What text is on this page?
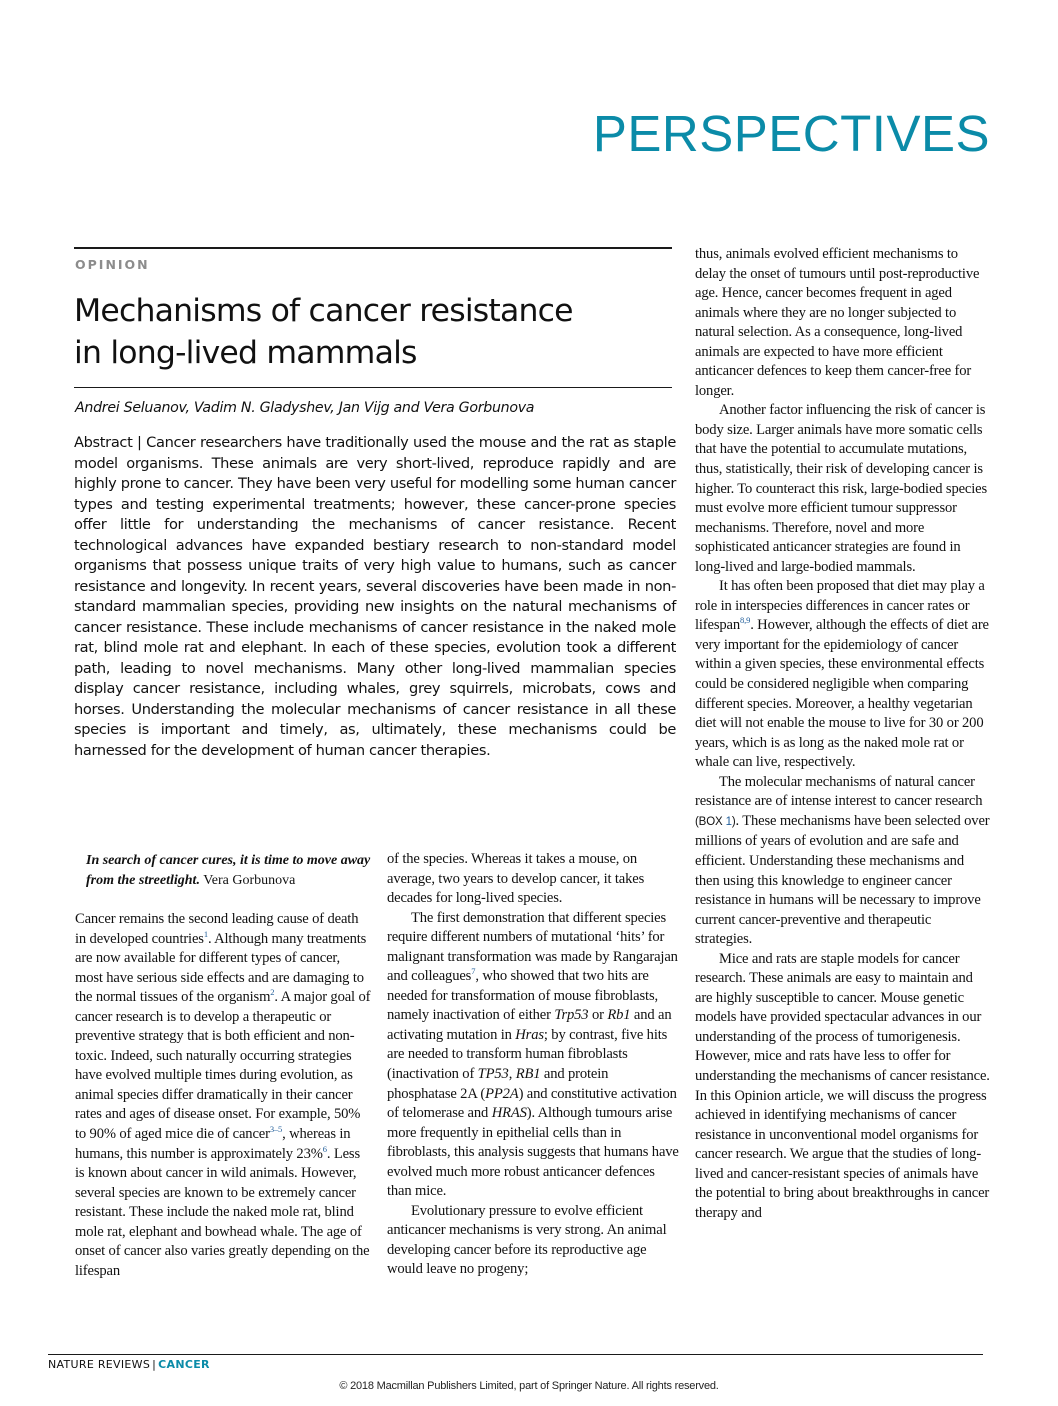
PERSPECTIVES
OPINION
Mechanisms of cancer resistance
in long-lived mammals
Andrei Seluanov, Vadim N. Gladyshev, Jan Vijg and Vera Gorbunova
Abstract | Cancer researchers have traditionally used the mouse and the rat as staple model organisms. These animals are very short-lived, reproduce rapidly and are highly prone to cancer. They have been very useful for modelling some human cancer types and testing experimental treatments; however, these cancer-prone species offer little for understanding the mechanisms of cancer resistance. Recent technological advances have expanded bestiary research to non-standard model organisms that possess unique traits of very high value to humans, such as cancer resistance and longevity. In recent years, several discoveries have been made in non-standard mammalian species, providing new insights on the natural mechanisms of cancer resistance. These include mechanisms of cancer resistance in the naked mole rat, blind mole rat and elephant. In each of these species, evolution took a different path, leading to novel mechanisms. Many other long-lived mammalian species display cancer resistance, including whales, grey squirrels, microbats, cows and horses. Understanding the molecular mechanisms of cancer resistance in all these species is important and timely, as, ultimately, these mechanisms could be harnessed for the development of human cancer therapies.
In search of cancer cures, it is time to move away from the streetlight. Vera Gorbunova

Cancer remains the second leading cause of death in developed countries$^1$. Although many treatments are now available for different types of cancer, most have serious side effects and are damaging to the normal tissues of the organism$^2$. A major goal of cancer research is to develop a therapeutic or preventive strategy that is both efficient and non-toxic. Indeed, such naturally occurring strategies have evolved multiple times during evolution, as animal species differ dramatically in their cancer rates and ages of disease onset. For example, 50% to 90% of aged mice die of cancer$^{3-5}$, whereas in humans, this number is approximately 23%$^6$. Less is known about cancer in wild animals. However, several species are known to be extremely cancer resistant. These include the naked mole rat, blind mole rat, elephant and bowhead whale. The age of onset of cancer also varies greatly depending on the lifespan

of the species. Whereas it takes a mouse, on average, two years to develop cancer, it takes decades for long-lived species.

The first demonstration that different species require different numbers of mutational ‘hits’ for malignant transformation was made by Rangarajan and colleagues$^7$, who showed that two hits are needed for transformation of mouse fibroblasts, namely inactivation of either Trp53 or Rb1 and an activating mutation in Hras; by contrast, five hits are needed to transform human fibroblasts (inactivation of TP53, RB1 and protein phosphatase 2A (PP2A) and constitutive activation of telomerase and HRAS). Although tumours arise more frequently in epithelial cells than in fibroblasts, this analysis suggests that humans have evolved much more robust anticancer defences than mice.

Evolutionary pressure to evolve efficient anticancer mechanisms is very strong. An animal developing cancer before its reproductive age would leave no progeny;

thus, animals evolved efficient mechanisms to delay the onset of tumours until post-reproductive age. Hence, cancer becomes frequent in aged animals where they are no longer subjected to natural selection. As a consequence, long-lived animals are expected to have more efficient anticancer defences to keep them cancer-free for longer.

Another factor influencing the risk of cancer is body size. Larger animals have more somatic cells that have the potential to accumulate mutations, thus, statistically, their risk of developing cancer is higher. To counteract this risk, large-bodied species must evolve more efficient tumour suppressor mechanisms. Therefore, novel and more sophisticated anticancer strategies are found in long-lived and large-bodied mammals.

It has often been proposed that diet may play a role in interspecies differences in cancer rates or lifespan$^{8,9}$. However, although the effects of diet are very important for the epidemiology of cancer within a given species, these environmental effects could be considered negligible when comparing different species. Moreover, a healthy vegetarian diet will not enable the mouse to live for 30 or 200 years, which is as long as the naked mole rat or whale can live, respectively.

The molecular mechanisms of natural cancer resistance are of intense interest to cancer research (BOX 1). These mechanisms have been selected over millions of years of evolution and are safe and efficient. Understanding these mechanisms and then using this knowledge to engineer cancer resistance in humans will be necessary to improve current cancer-preventive and therapeutic strategies.

Mice and rats are staple models for cancer research. These animals are easy to maintain and are highly susceptible to cancer. Mouse genetic models have provided spectacular advances in our understanding of the process of tumorigenesis. However, mice and rats have less to offer for understanding the mechanisms of cancer resistance. In this Opinion article, we will discuss the progress achieved in identifying mechanisms of cancer resistance in unconventional model organisms for cancer research. We argue that the studies of long-lived and cancer-resistant species of animals have the potential to bring about breakthroughs in cancer therapy and

NATURE REVIEWS | CANCER
© 2018 Macmillan Publishers Limited, part of Springer Nature. All rights reserved.
